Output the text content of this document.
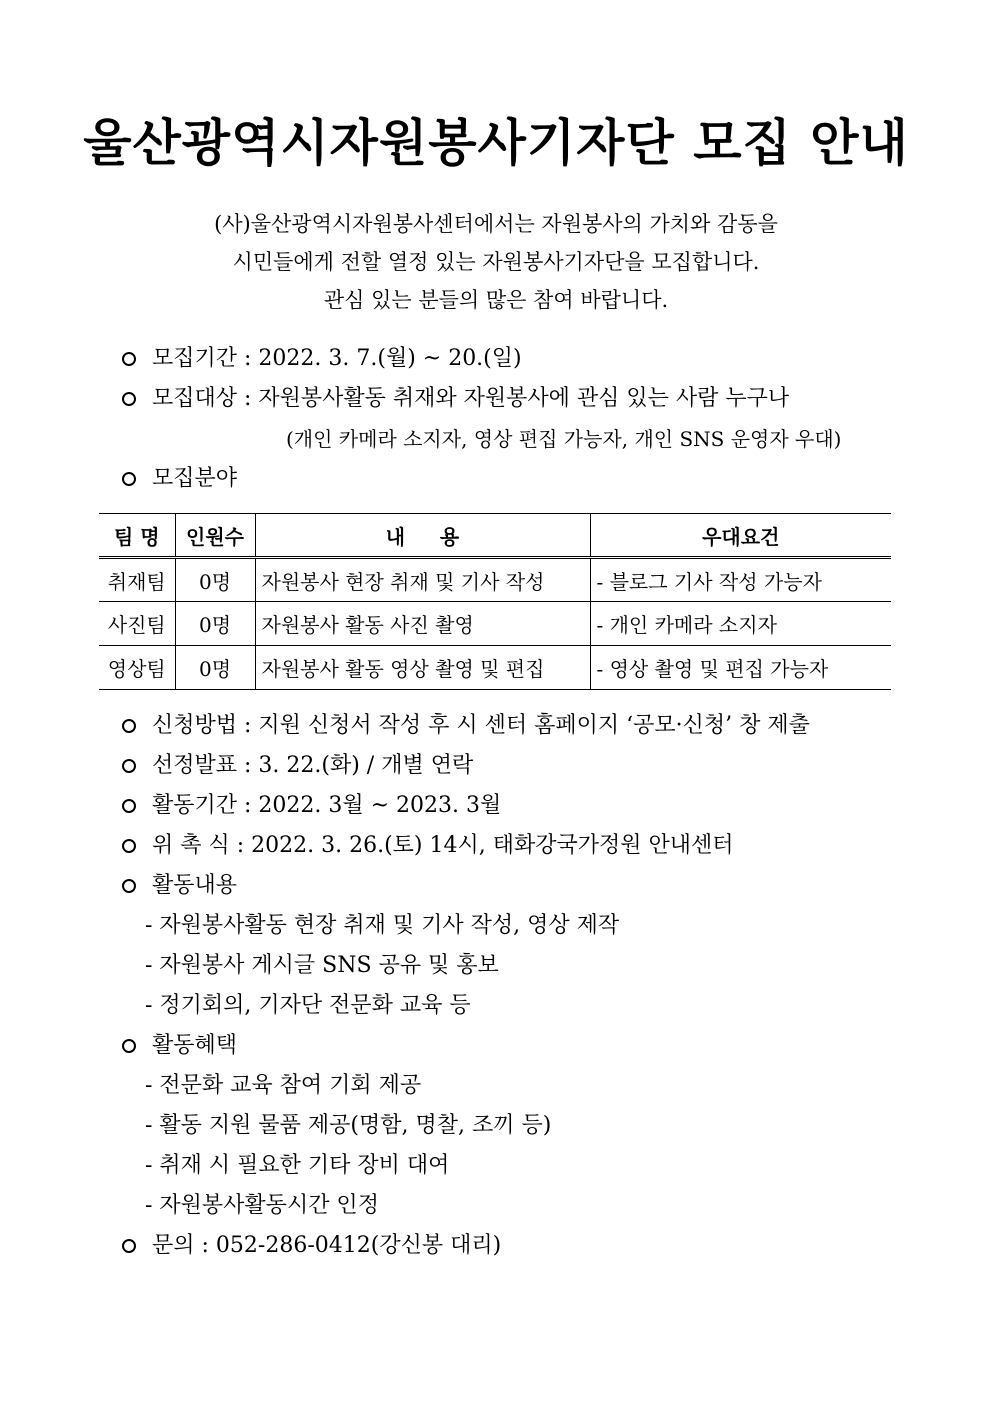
울산광역시자원봉사기자단 모집 안내
(사)울산광역시자원봉사센터에서는 자원봉사의 가치와 감동을
시민들에게 전할 열정 있는 자원봉사기자단을 모집합니다.
관심 있는 분들의 많은 참여 바랍니다.
모집기간 : 2022. 3. 7.(월) ~ 20.(일)
모집대상 : 자원봉사활동 취재와 자원봉사에 관심 있는 사람 누구나
(개인 카메라 소지자, 영상 편집 가능자, 개인 SNS 운영자 우대)
모집분야
팀 명	인원수	내     용	우대요건
취재팀	0명	자원봉사 현장 취재 및 기사 작성	- 블로그 기사 작성 가능자
사진팀	0명	자원봉사 활동 사진 촬영	- 개인 카메라 소지자
영상팀	0명	자원봉사 활동 영상 촬영 및 편집	- 영상 촬영 및 편집 가능자
신청방법 : 지원 신청서 작성 후 시 센터 홈페이지 ‘공모·신청’ 창 제출
선정발표 : 3. 22.(화) / 개별 연락
활동기간 : 2022. 3월 ~ 2023. 3월
위 촉 식 : 2022. 3. 26.(토) 14시, 태화강국가정원 안내센터
활동내용
- 자원봉사활동 현장 취재 및 기사 작성, 영상 제작
- 자원봉사 게시글 SNS 공유 및 홍보
- 정기회의, 기자단 전문화 교육 등
활동혜택
- 전문화 교육 참여 기회 제공
- 활동 지원 물품 제공(명함, 명찰, 조끼 등)
- 취재 시 필요한 기타 장비 대여
- 자원봉사활동시간 인정
문의 : 052-286-0412(강신봉 대리)
